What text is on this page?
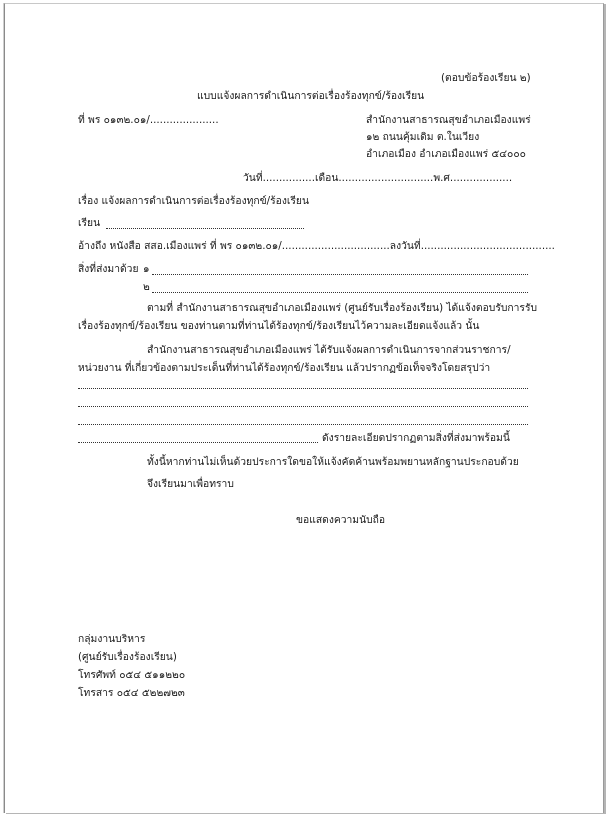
(ตอบข้อร้องเรียน ๒)
แบบแจ้งผลการดำเนินการต่อเรื่องร้องทุกข์/ร้องเรียน
ที่ พร ๐๑๓๒.๐๑/.....................	สำนักงานสาธารณสุขอำเภอเมืองแพร่
๑๒ ถนนคุ้มเดิม ต.ในเวียง
อำเภอเมือง อำเภอเมืองแพร่ ๕๔๐๐๐
วันที่................เดือน.............................พ.ศ...................
เรื่อง แจ้งผลการดำเนินการต่อเรื่องร้องทุกข์/ร้องเรียน
เรียน
อ้างถึง หนังสือ สสอ.เมืองแพร่ ที่ พร ๐๑๓๒.๐๑/.................................ลงวันที่.........................................
สิ่งที่ส่งมาด้วย ๑
๒
ตามที่ สำนักงานสาธารณสุขอำเภอเมืองแพร่ (ศูนย์รับเรื่องร้องเรียน) ได้แจ้งตอบรับการรับ
เรื่องร้องทุกข์/ร้องเรียน ของท่านตามที่ท่านได้ร้องทุกข์/ร้องเรียนไว้ความละเอียดแจ้งแล้ว นั้น
สำนักงานสาธารณสุขอำเภอเมืองแพร่ ได้รับแจ้งผลการดำเนินการจากส่วนราชการ/
หน่วยงาน ที่เกี่ยวข้องตามประเด็นที่ท่านได้ร้องทุกข์/ร้องเรียน แล้วปรากฏข้อเท็จจริงโดยสรุปว่า
ดังรายละเอียดปรากฏตามสิ่งที่ส่งมาพร้อมนี้
ทั้งนี้หากท่านไม่เห็นด้วยประการใดขอให้แจ้งคัดค้านพร้อมพยานหลักฐานประกอบด้วย
จึงเรียนมาเพื่อทราบ
ขอแสดงความนับถือ
กลุ่มงานบริหาร
(ศูนย์รับเรื่องร้องเรียน)
โทรศัพท์ ๐๕๔ ๕๑๑๒๒๐
โทรสาร ๐๕๔ ๕๒๒๗๒๓
